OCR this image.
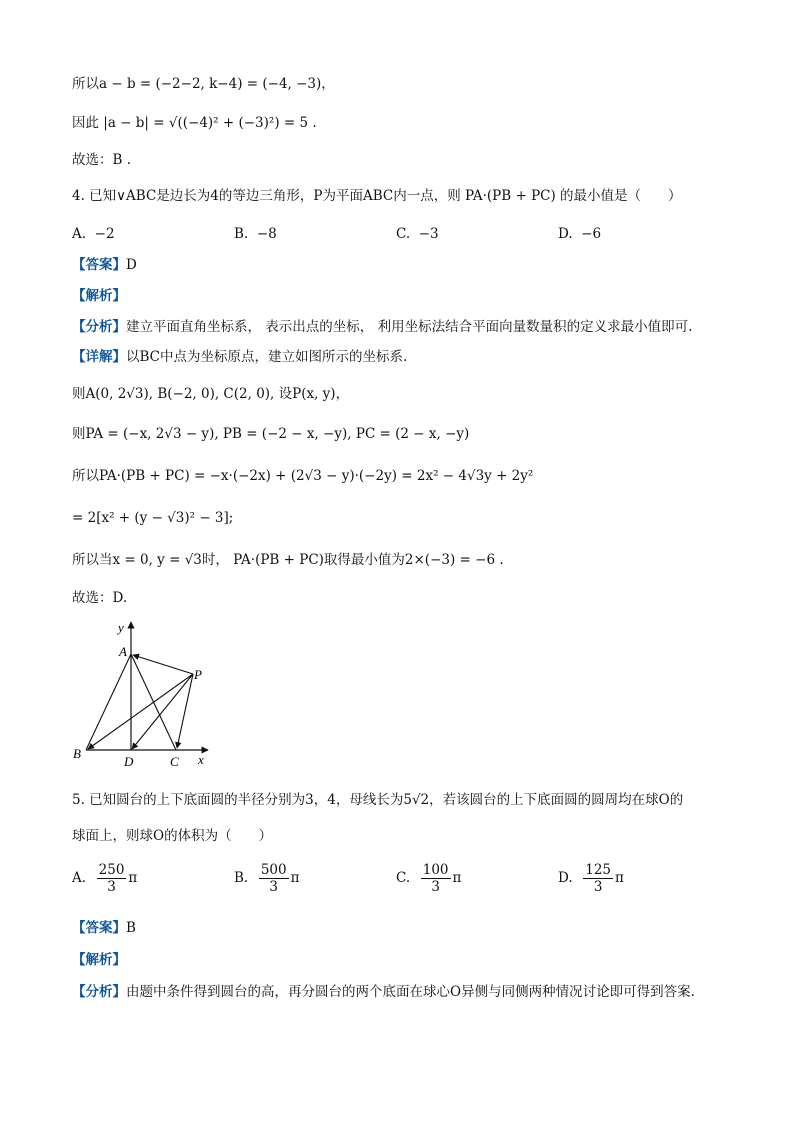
所以a − b = (−2−2, k−4) = (−4, −3)，
因此 |a − b| = √((−4)² + (−3)²) = 5 .
故选：B .
4. 已知∨ABC是边长为4的等边三角形，P为平面ABC内一点，则 PA·(PB + PC) 的最小值是（　　）
A. −2	B. −8	C. −3	D. −6
【 答案 】 D
【 解析 】
【 分析 】 建立平面直角坐标系， 表示出点的坐标， 利用坐标法结合平面向量数量积的定义求最小值即可.
【 详解 】 以BC中点为坐标原点，建立如图所示的坐标系.
则A(0, 2√3), B(−2, 0), C(2, 0), 设P(x, y)，
则PA = (−x, 2√3 − y), PB = (−2 − x, −y), PC = (2 − x, −y)
所以PA·(PB + PC) = −x·(−2x) + (2√3 − y)·(−2y) = 2x² − 4√3y + 2y²
= 2[x² + (y − √3)² − 3];
所以当x = 0, y = √3时， PA·(PB + PC)取得最小值为2×(−3) = −6 .
故选：D.
y
A
P
B
D	C x
5. 已知圆台的上下底面圆的半径分别为3，4，母线长为5√2，若该圆台的上下底面圆的圆周均在球O的
球面上，则球O的体积为（　　）
A. $\frac{250}{3}$ π	B. $\frac{500}{3}$ π	C. $\frac{100}{3}$ π	D. $\frac{125}{3}$ π
【 答案 】 B
【 解析 】
【 分析 】 由题中条件得到圆台的高，再分圆台的两个底面在球心O异侧与同侧两种情况讨论即可得到答案.
